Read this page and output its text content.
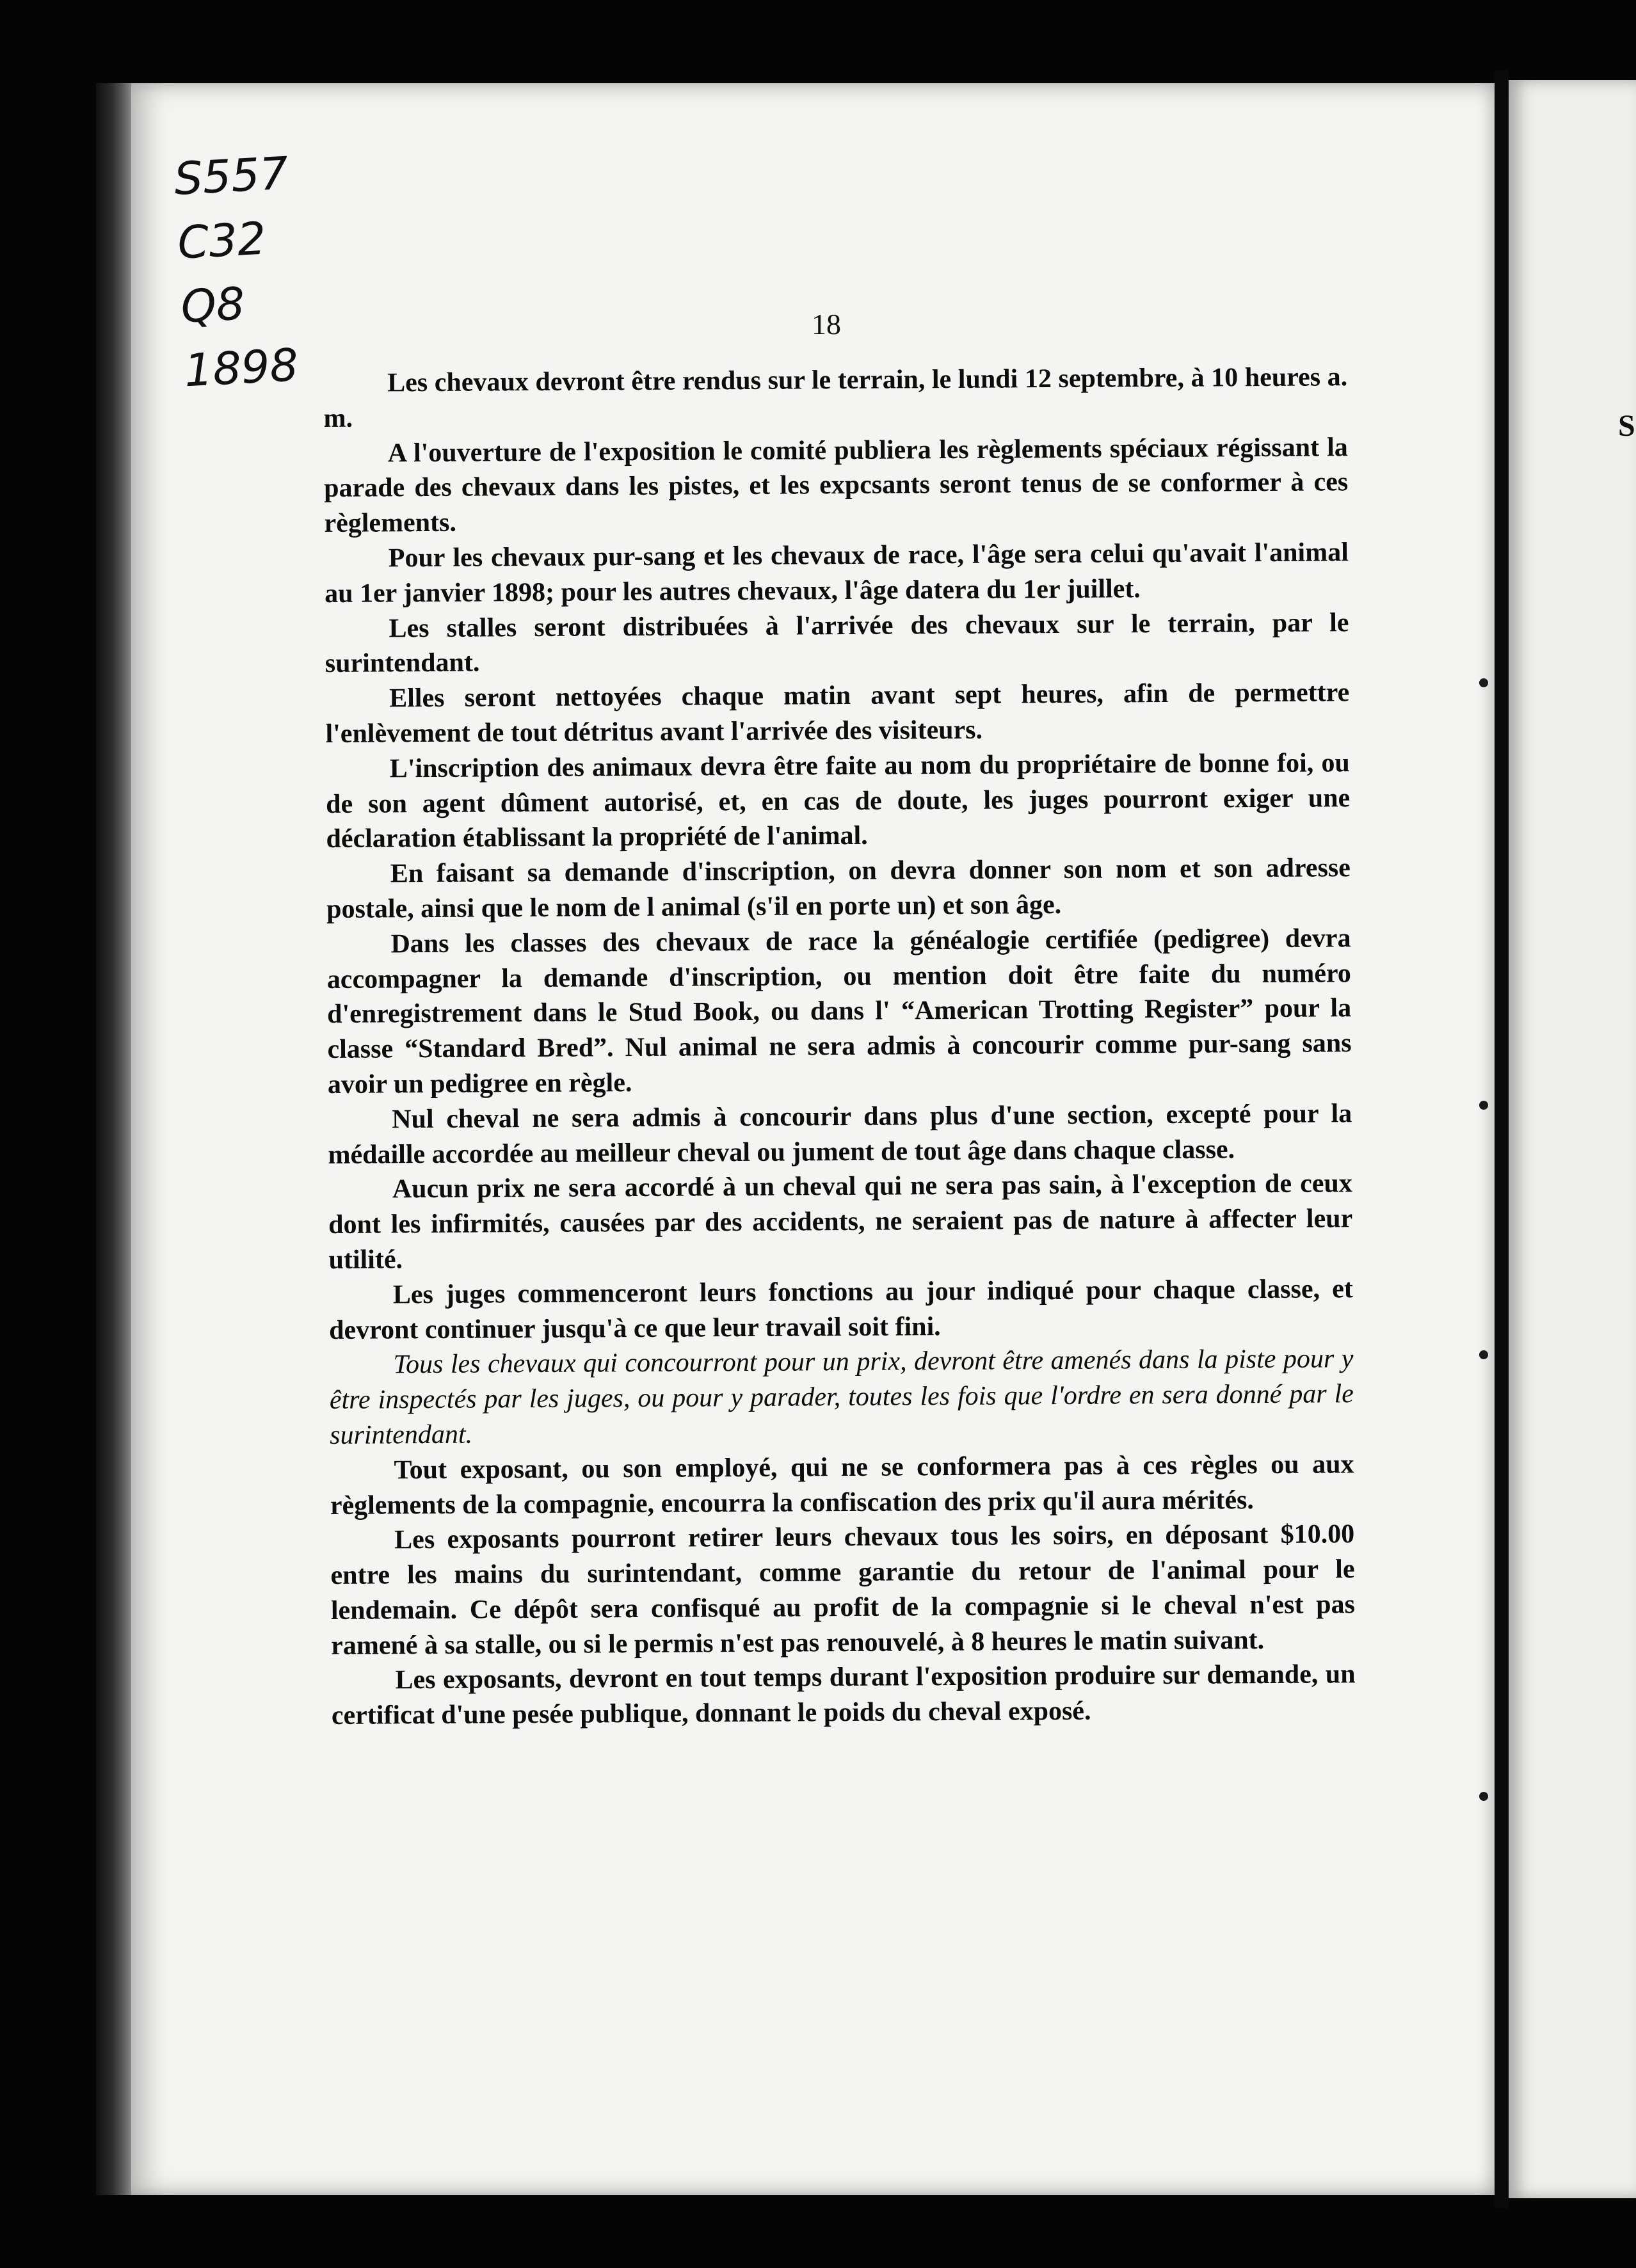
S
S557
C32
Q8
1898
18

Les chevaux devront être rendus sur le terrain, le lundi 12 septembre, à 10 heures a. m.

A l'ouverture de l'exposition le comité publiera les règlements spéciaux régissant la parade des chevaux dans les pistes, et les expcsants seront tenus de se conformer à ces règlements.

Pour les chevaux pur-sang et les chevaux de race, l'âge sera celui qu'avait l'animal au 1er janvier 1898; pour les autres chevaux, l'âge datera du 1er juillet.

Les stalles seront distribuées à l'arrivée des chevaux sur le terrain, par le surintendant.

Elles seront nettoyées chaque matin avant sept heures, afin de permettre l'enlèvement de tout détritus avant l'arrivée des visiteurs.

L'inscription des animaux devra être faite au nom du propriétaire de bonne foi, ou de son agent dûment autorisé, et, en cas de doute, les juges pourront exiger une déclaration établissant la propriété de l'animal.

En faisant sa demande d'inscription, on devra donner son nom et son adresse postale, ainsi que le nom de l animal (s'il en porte un) et son âge.

Dans les classes des chevaux de race la généalogie certifiée (pedigree) devra accompagner la demande d'inscription, ou mention doit être faite du numéro d'enregistrement dans le Stud Book, ou dans l' “American Trotting Register” pour la classe “Standard Bred”. Nul animal ne sera admis à concourir comme pur-sang sans avoir un pedigree en règle.

Nul cheval ne sera admis à concourir dans plus d'une section, excepté pour la médaille accordée au meilleur cheval ou jument de tout âge dans chaque classe.

Aucun prix ne sera accordé à un cheval qui ne sera pas sain, à l'exception de ceux dont les infirmités, causées par des accidents, ne seraient pas de nature à affecter leur utilité.

Les juges commenceront leurs fonctions au jour indiqué pour chaque classe, et devront continuer jusqu'à ce que leur travail soit fini.

Tous les chevaux qui concourront pour un prix, devront être amenés dans la piste pour y être inspectés par les juges, ou pour y parader, toutes les fois que l'ordre en sera donné par le surintendant.

Tout exposant, ou son employé, qui ne se conformera pas à ces règles ou aux règlements de la compagnie, encourra la confiscation des prix qu'il aura mérités.

Les exposants pourront retirer leurs chevaux tous les soirs, en déposant $10.00 entre les mains du surintendant, comme garantie du retour de l'animal pour le lendemain. Ce dépôt sera confisqué au profit de la compagnie si le cheval n'est pas ramené à sa stalle, ou si le permis n'est pas renouvelé, à 8 heures le matin suivant.

Les exposants, devront en tout temps durant l'exposition produire sur demande, un certificat d'une pesée publique, donnant le poids du cheval exposé.
